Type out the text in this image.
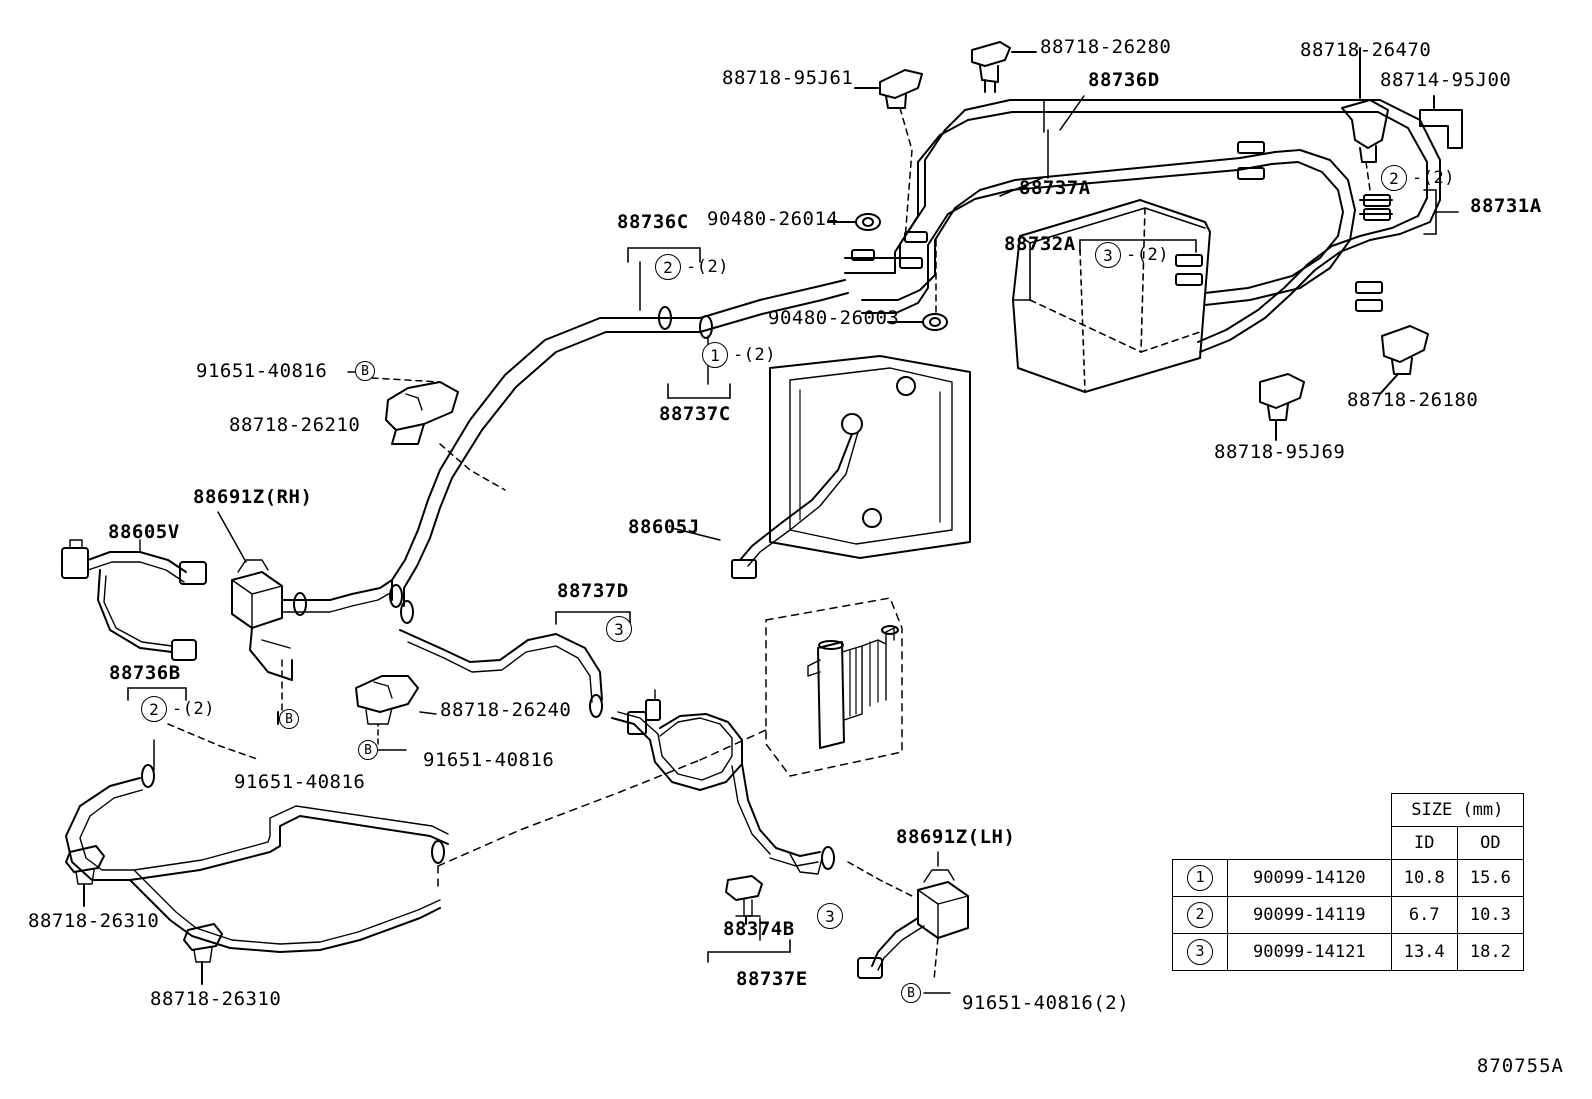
88718-26280
88718-95J61	88736D
88718-26470
88714-95J00
88737A
88731A
88736C 90480-26014
88732A
90480-26003
88737C
91651-40816
88718-26210
88718-26180
88718-95J69
88691Z(RH)
88605V	88605J
88737D
88736B
88718-26240
91651-40816
91651-40816
88691Z(LH)
88718-26310	88374B
88737E
88718-26310	91651-40816(2)
2 -(2)
1 -(2)
2 -(2)
3 -(2)
2 -(2)
3
3
B
B
B
B
		SIZE (mm)	
		ID	OD
1	90099-14120	10.8	15.6
2	90099-14119	6.7	10.3
3	90099-14121	13.4	18.2
870755A
